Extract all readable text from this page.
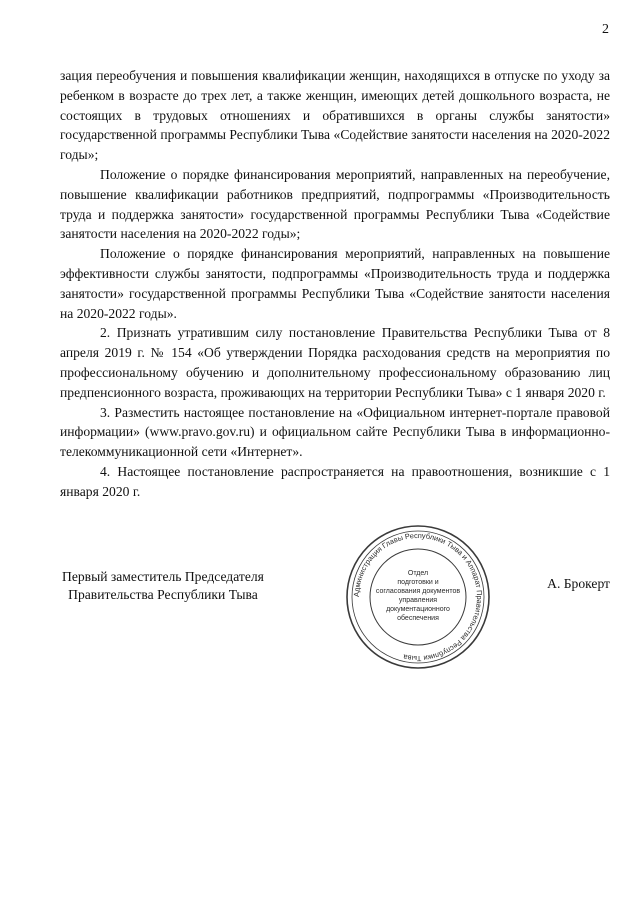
2

зация переобучения и повышения квалификации женщин, находящихся в отпуске по уходу за ребенком в возрасте до трех лет, а также женщин, имеющих детей дошкольного возраста, не состоящих в трудовых отношениях и обратившихся в органы службы занятости» государственной программы Республики Тыва «Содействие занятости населения на 2020-2022 годы»;

Положение о порядке финансирования мероприятий, направленных на переобучение, повышение квалификации работников предприятий, подпрограммы «Производительность труда и поддержка занятости» государственной программы Республики Тыва «Содействие занятости населения на 2020-2022 годы»;

Положение о порядке финансирования мероприятий, направленных на повышение эффективности службы занятости, подпрограммы «Производительность труда и поддержка занятости» государственной программы Республики Тыва «Содействие занятости населения на 2020-2022 годы».

2. Признать утратившим силу постановление Правительства Республики Тыва от 8 апреля 2019 г. № 154 «Об утверждении Порядка расходования средств на мероприятия по профессиональному обучению и дополнительному профессиональному образованию лиц предпенсионного возраста, проживающих на территории Республики Тыва» с 1 января 2020 г.

3. Разместить настоящее постановление на «Официальном интернет-портале правовой информации» (www.pravo.gov.ru) и официальном сайте Республики Тыва в информационно-телекоммуникационной сети «Интернет».

4. Настоящее постановление распространяется на правоотношения, возникшие с 1 января 2020 г.

Первый заместитель Председателя
Правительства Республики Тыва
А. Брокерт
Администрация Главы Республики Тыва и Аппарат Правительства Республики Тыва
Отдел
подготовки и
согласования документов
управления
документационного
обеспечения
